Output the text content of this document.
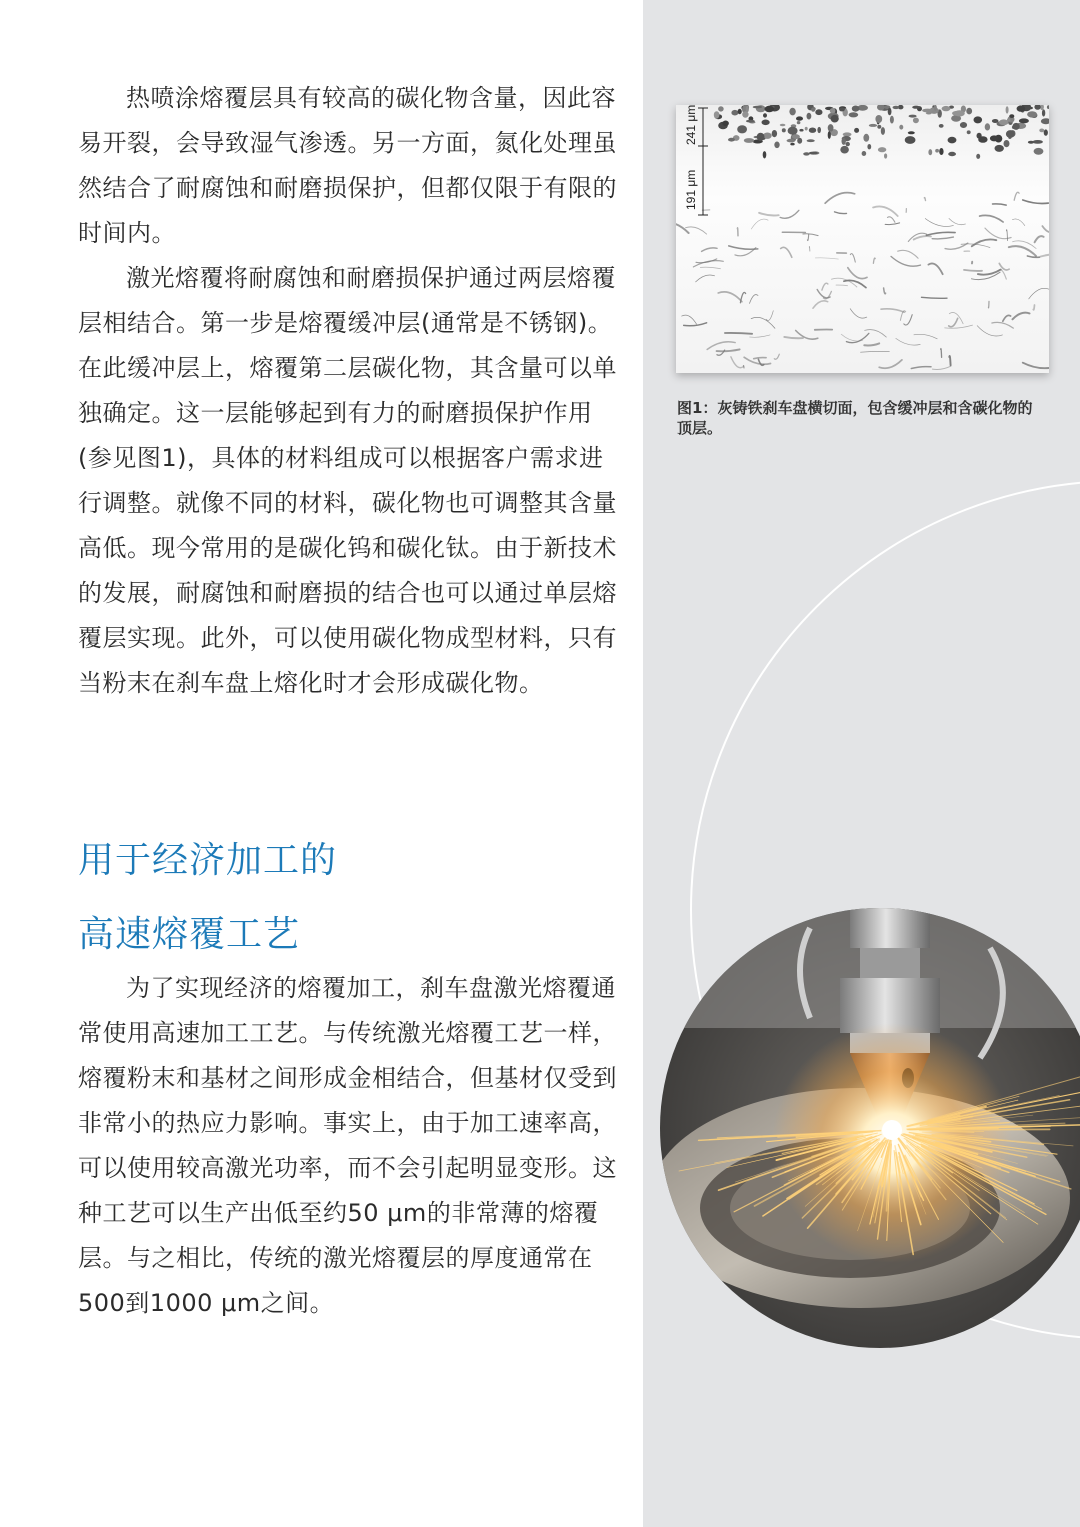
热喷涂熔覆层具有较高的碳化物含量，因此容易开裂，会导致湿气渗透。另一方面，氮化处理虽然结合了耐腐蚀和耐磨损保护，但都仅限于有限的时间内。

激光熔覆将耐腐蚀和耐磨损保护通过两层熔覆层相结合。第一步是熔覆缓冲层(通常是不锈钢)。在此缓冲层上，熔覆第二层碳化物，其含量可以单独确定。这一层能够起到有力的耐磨损保护作用(参见图1)，具体的材料组成可以根据客户需求进行调整。就像不同的材料，碳化物也可调整其含量高低。现今常用的是碳化钨和碳化钛。由于新技术的发展，耐腐蚀和耐磨损的结合也可以通过单层熔覆层实现。此外，可以使用碳化物成型材料，只有当粉末在刹车盘上熔化时才会形成碳化物。

用于经济加工的
高速熔覆工艺

为了实现经济的熔覆加工，刹车盘激光熔覆通常使用高速加工工艺。与传统激光熔覆工艺一样，熔覆粉末和基材之间形成金相结合，但基材仅受到非常小的热应力影响。事实上，由于加工速率高，可以使用较高激光功率，而不会引起明显变形。这种工艺可以生产出低至约50 μm的非常薄的熔覆层。与之相比，传统的激光熔覆层的厚度通常在500到1000 μm之间。

241 μm
191 μm

图1：灰铸铁刹车盘横切面，包含缓冲层和含碳化物的顶层。
